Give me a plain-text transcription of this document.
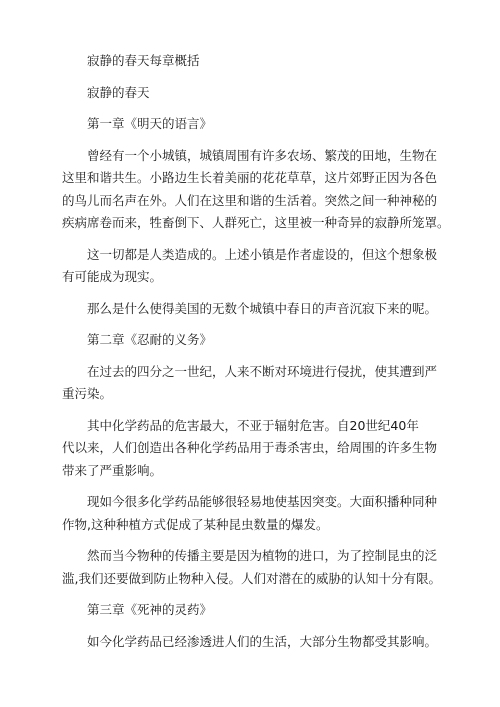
寂静的春天每章概括

寂静的春天

第一章《明天的语言》

曾经有一个小城镇，城镇周围有许多农场、繁茂的田地，生物在

这里和谐共生。小路边生长着美丽的花花草草，这片郊野正因为各色

的鸟儿而名声在外。人们在这里和谐的生活着。突然之间一种神秘的

疾病席卷而来，牲畜倒下、人群死亡，这里被一种奇异的寂静所笼罩。

这一切都是人类造成的。上述小镇是作者虚设的，但这个想象极

有可能成为现实。

那么是什么使得美国的无数个城镇中春日的声音沉寂下来的呢。

第二章《忍耐的义务》

在过去的四分之一世纪，人来不断对环境进行侵扰，使其遭到严

重污染。

其中化学药品的危害最大，不亚于辐射危害。自20世纪40年

代以来，人们创造出各种化学药品用于毒杀害虫，给周围的许多生物

带来了严重影响。

现如今很多化学药品能够很轻易地使基因突变。大面积播种同种

作物,这种种植方式促成了某种昆虫数量的爆发。

然而当今物种的传播主要是因为植物的进口，为了控制昆虫的泛

滥,我们还要做到防止物种入侵。人们对潜在的威胁的认知十分有限。

第三章《死神的灵药》

如今化学药品已经渗透进人们的生活，大部分生物都受其影响。
